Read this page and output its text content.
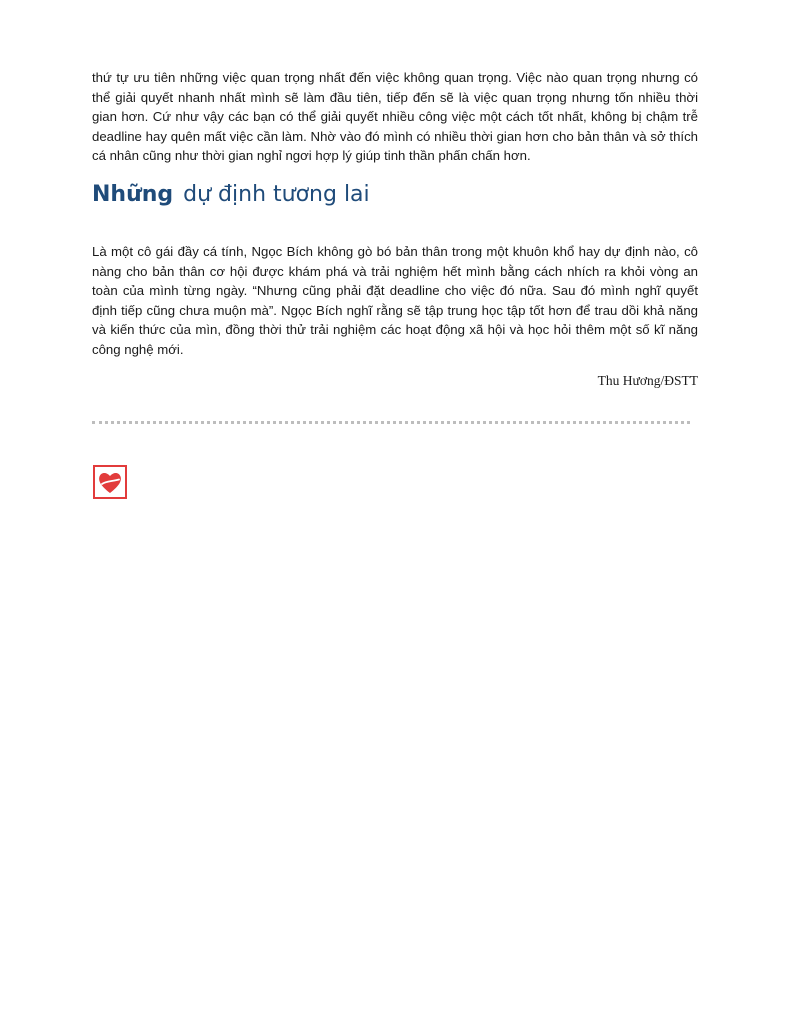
thứ tự ưu tiên những việc quan trọng nhất đến việc không quan trọng. Việc nào quan trọng nhưng có thể giải quyết nhanh nhất mình sẽ làm đầu tiên, tiếp đến sẽ là việc quan trọng nhưng tốn nhiều thời gian hơn. Cứ như vậy các bạn có thể giải quyết nhiều công việc một cách tốt nhất, không bị chậm trễ deadline hay quên mất việc cần làm. Nhờ vào đó mình có nhiều thời gian hơn cho bản thân và sở thích cá nhân cũng như thời gian nghỉ ngơi hợp lý giúp tinh thần phấn chấn hơn.

Những dự định tương lai

Là một cô gái đầy cá tính, Ngọc Bích không gò bó bản thân trong một khuôn khổ hay dự định nào, cô nàng cho bản thân cơ hội được khám phá và trải nghiệm hết mình bằng cách nhích ra khỏi vòng an toàn của mình từng ngày. “Nhưng cũng phải đặt deadline cho việc đó nữa. Sau đó mình nghĩ quyết định tiếp cũng chưa muộn mà”. Ngọc Bích nghĩ rằng sẽ tập trung học tập tốt hơn để trau dồi khả năng và kiến thức của mìn, đồng thời thử trải nghiệm các hoạt động xã hội và học hỏi thêm một số kĩ năng công nghệ mới.

Thu Hương/ĐSTT
